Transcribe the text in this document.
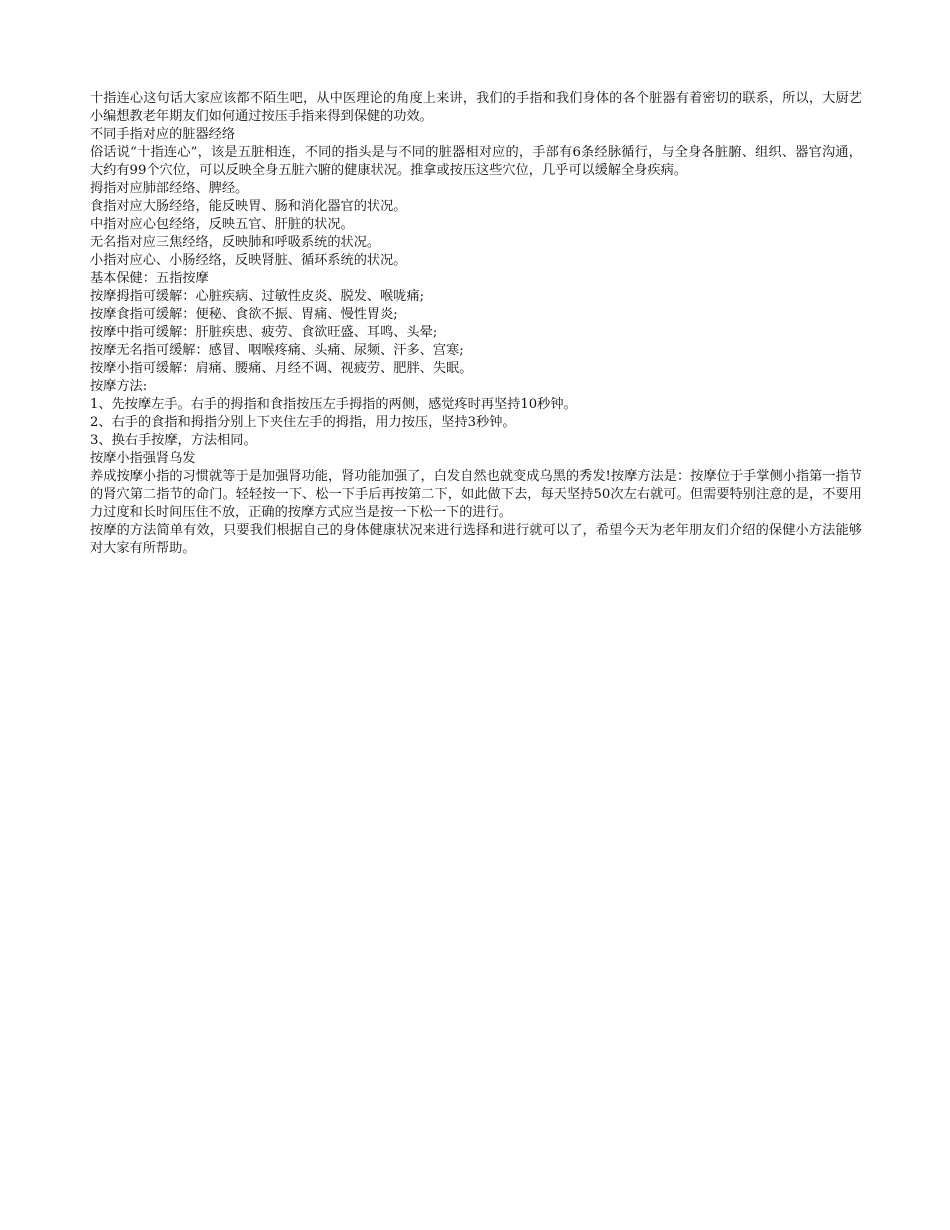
十指连心这句话大家应该都不陌生吧，从中医理论的角度上来讲，我们的手指和我们身体的各个脏器有着密切的联系，所以，大厨艺小编想教老年期友们如何通过按压手指来得到保健的功效。

不同手指对应的脏器经络

俗话说“十指连心”，该是五脏相连，不同的指头是与不同的脏器相对应的，手部有6条经脉循行，与全身各脏腑、组织、器官沟通，大约有99个穴位，可以反映全身五脏六腑的健康状况。推拿或按压这些穴位，几乎可以缓解全身疾病。

拇指对应肺部经络、脾经。

食指对应大肠经络，能反映胃、肠和消化器官的状况。

中指对应心包经络，反映五官、肝脏的状况。

无名指对应三焦经络，反映肺和呼吸系统的状况。

小指对应心、小肠经络，反映肾脏、循环系统的状况。

基本保健：五指按摩

按摩拇指可缓解：心脏疾病、过敏性皮炎、脱发、喉咙痛;

按摩食指可缓解：便秘、食欲不振、胃痛、慢性胃炎;

按摩中指可缓解：肝脏疾患、疲劳、食欲旺盛、耳鸣、头晕;

按摩无名指可缓解：感冒、咽喉疼痛、头痛、尿频、汗多、宫寒;

按摩小指可缓解：肩痛、腰痛、月经不调、视疲劳、肥胖、失眠。

按摩方法:

1、先按摩左手。右手的拇指和食指按压左手拇指的两侧，感觉疼时再坚持10秒钟。

2、右手的食指和拇指分别上下夹住左手的拇指，用力按压，坚持3秒钟。

3、换右手按摩，方法相同。

按摩小指强肾乌发

养成按摩小指的习惯就等于是加强肾功能，肾功能加强了，白发自然也就变成乌黑的秀发!按摩方法是：按摩位于手掌侧小指第一指节的肾穴第二指节的命门。轻轻按一下、松一下手后再按第二下，如此做下去，每天坚持50次左右就可。但需要特别注意的是，不要用力过度和长时间压住不放，正确的按摩方式应当是按一下松一下的进行。

按摩的方法简单有效，只要我们根据自己的身体健康状况来进行选择和进行就可以了，希望今天为老年朋友们介绍的保健小方法能够对大家有所帮助。
